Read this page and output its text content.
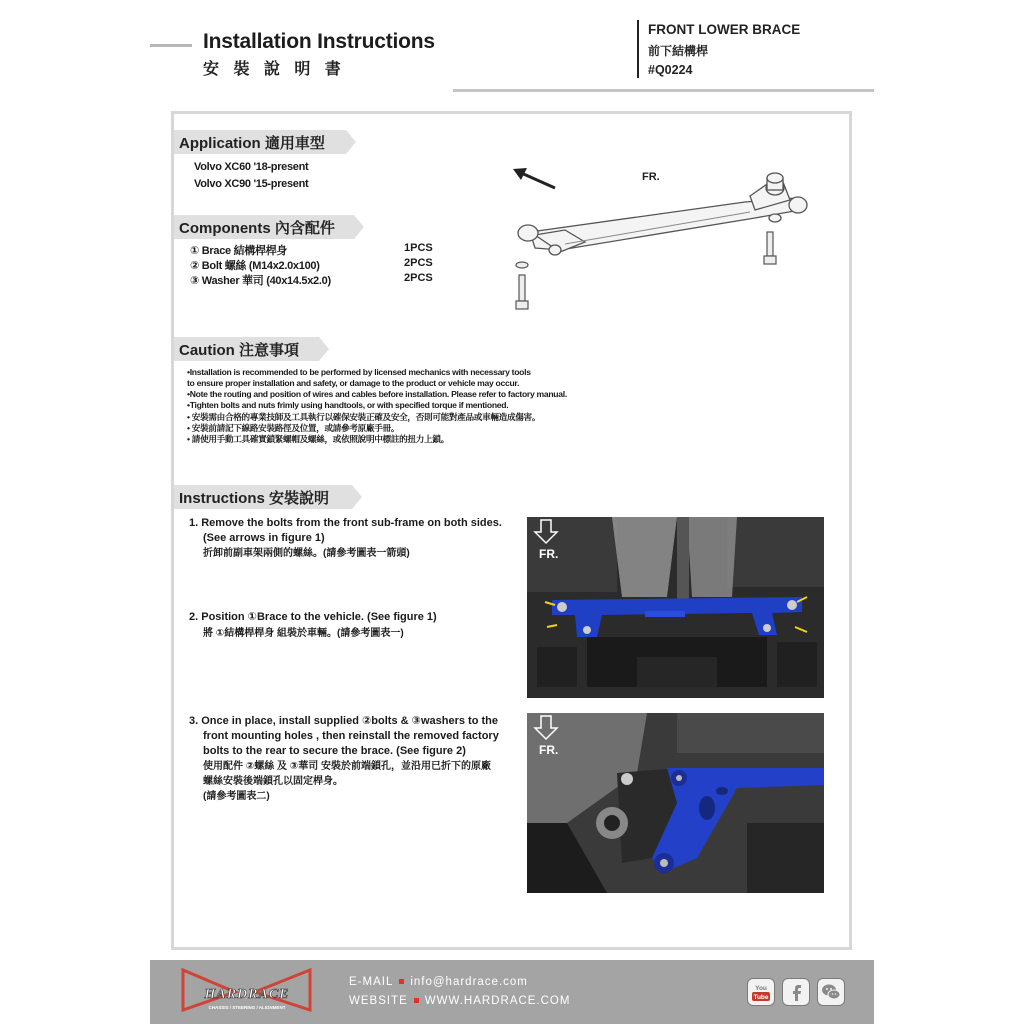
Installation Instructions
安 裝 說 明 書
FRONT LOWER BRACE
前下結構桿
#Q0224
Application 適用車型
Volvo XC60 '18-present
Volvo XC90 '15-present
Components 內含配件
① Brace 結構桿桿身	1PCS
② Bolt 螺絲 (M14x2.0x100)	2PCS
③ Washer 華司 (40x14.5x2.0)	2PCS
FR.
Caution 注意事項
•Installation is recommended to be performed by licensed mechanics with necessary tools
to ensure proper installation and safety, or damage to the product or vehicle may occur.
•Note the routing and position of wires and cables before installation. Please refer to factory manual.
•Tighten bolts and nuts frimly using handtools, or with specified torque if mentioned.
• 安裝需由合格的專業技師及工具執行以確保安裝正確及安全，否則可能對產品或車輛造成傷害。
• 安裝前請記下線路安裝路徑及位置，或請參考原廠手冊。
• 請使用手動工具確實鎖緊螺帽及螺絲，或依照說明中標註的扭力上鎖。
Instructions 安裝說明
1. Remove the bolts from the front sub-frame on both sides.
(See arrows in figure 1)
折卸前副車架兩側的螺絲。(請參考圖表一箭頭)
2. Position ①Brace to the vehicle. (See figure 1)
將 ①結構桿桿身 組裝於車輛。(請參考圖表一)
3. Once in place, install supplied ②bolts & ③washers to the
front mounting holes , then reinstall the removed factory
bolts to the rear to secure the brace. (See figure 2)
使用配件 ②螺絲 及 ③華司 安裝於前端鎖孔，並沿用已折下的原廠
螺絲安裝後端鎖孔以固定桿身。
(請參考圖表二)
FR.
FR.
HARDRACE
CHASSIS / STEERING / ALIGNMENT
E-MAIL info@hardrace.com
WEBSITE WWW.HARDRACE.COM
You
Tube
